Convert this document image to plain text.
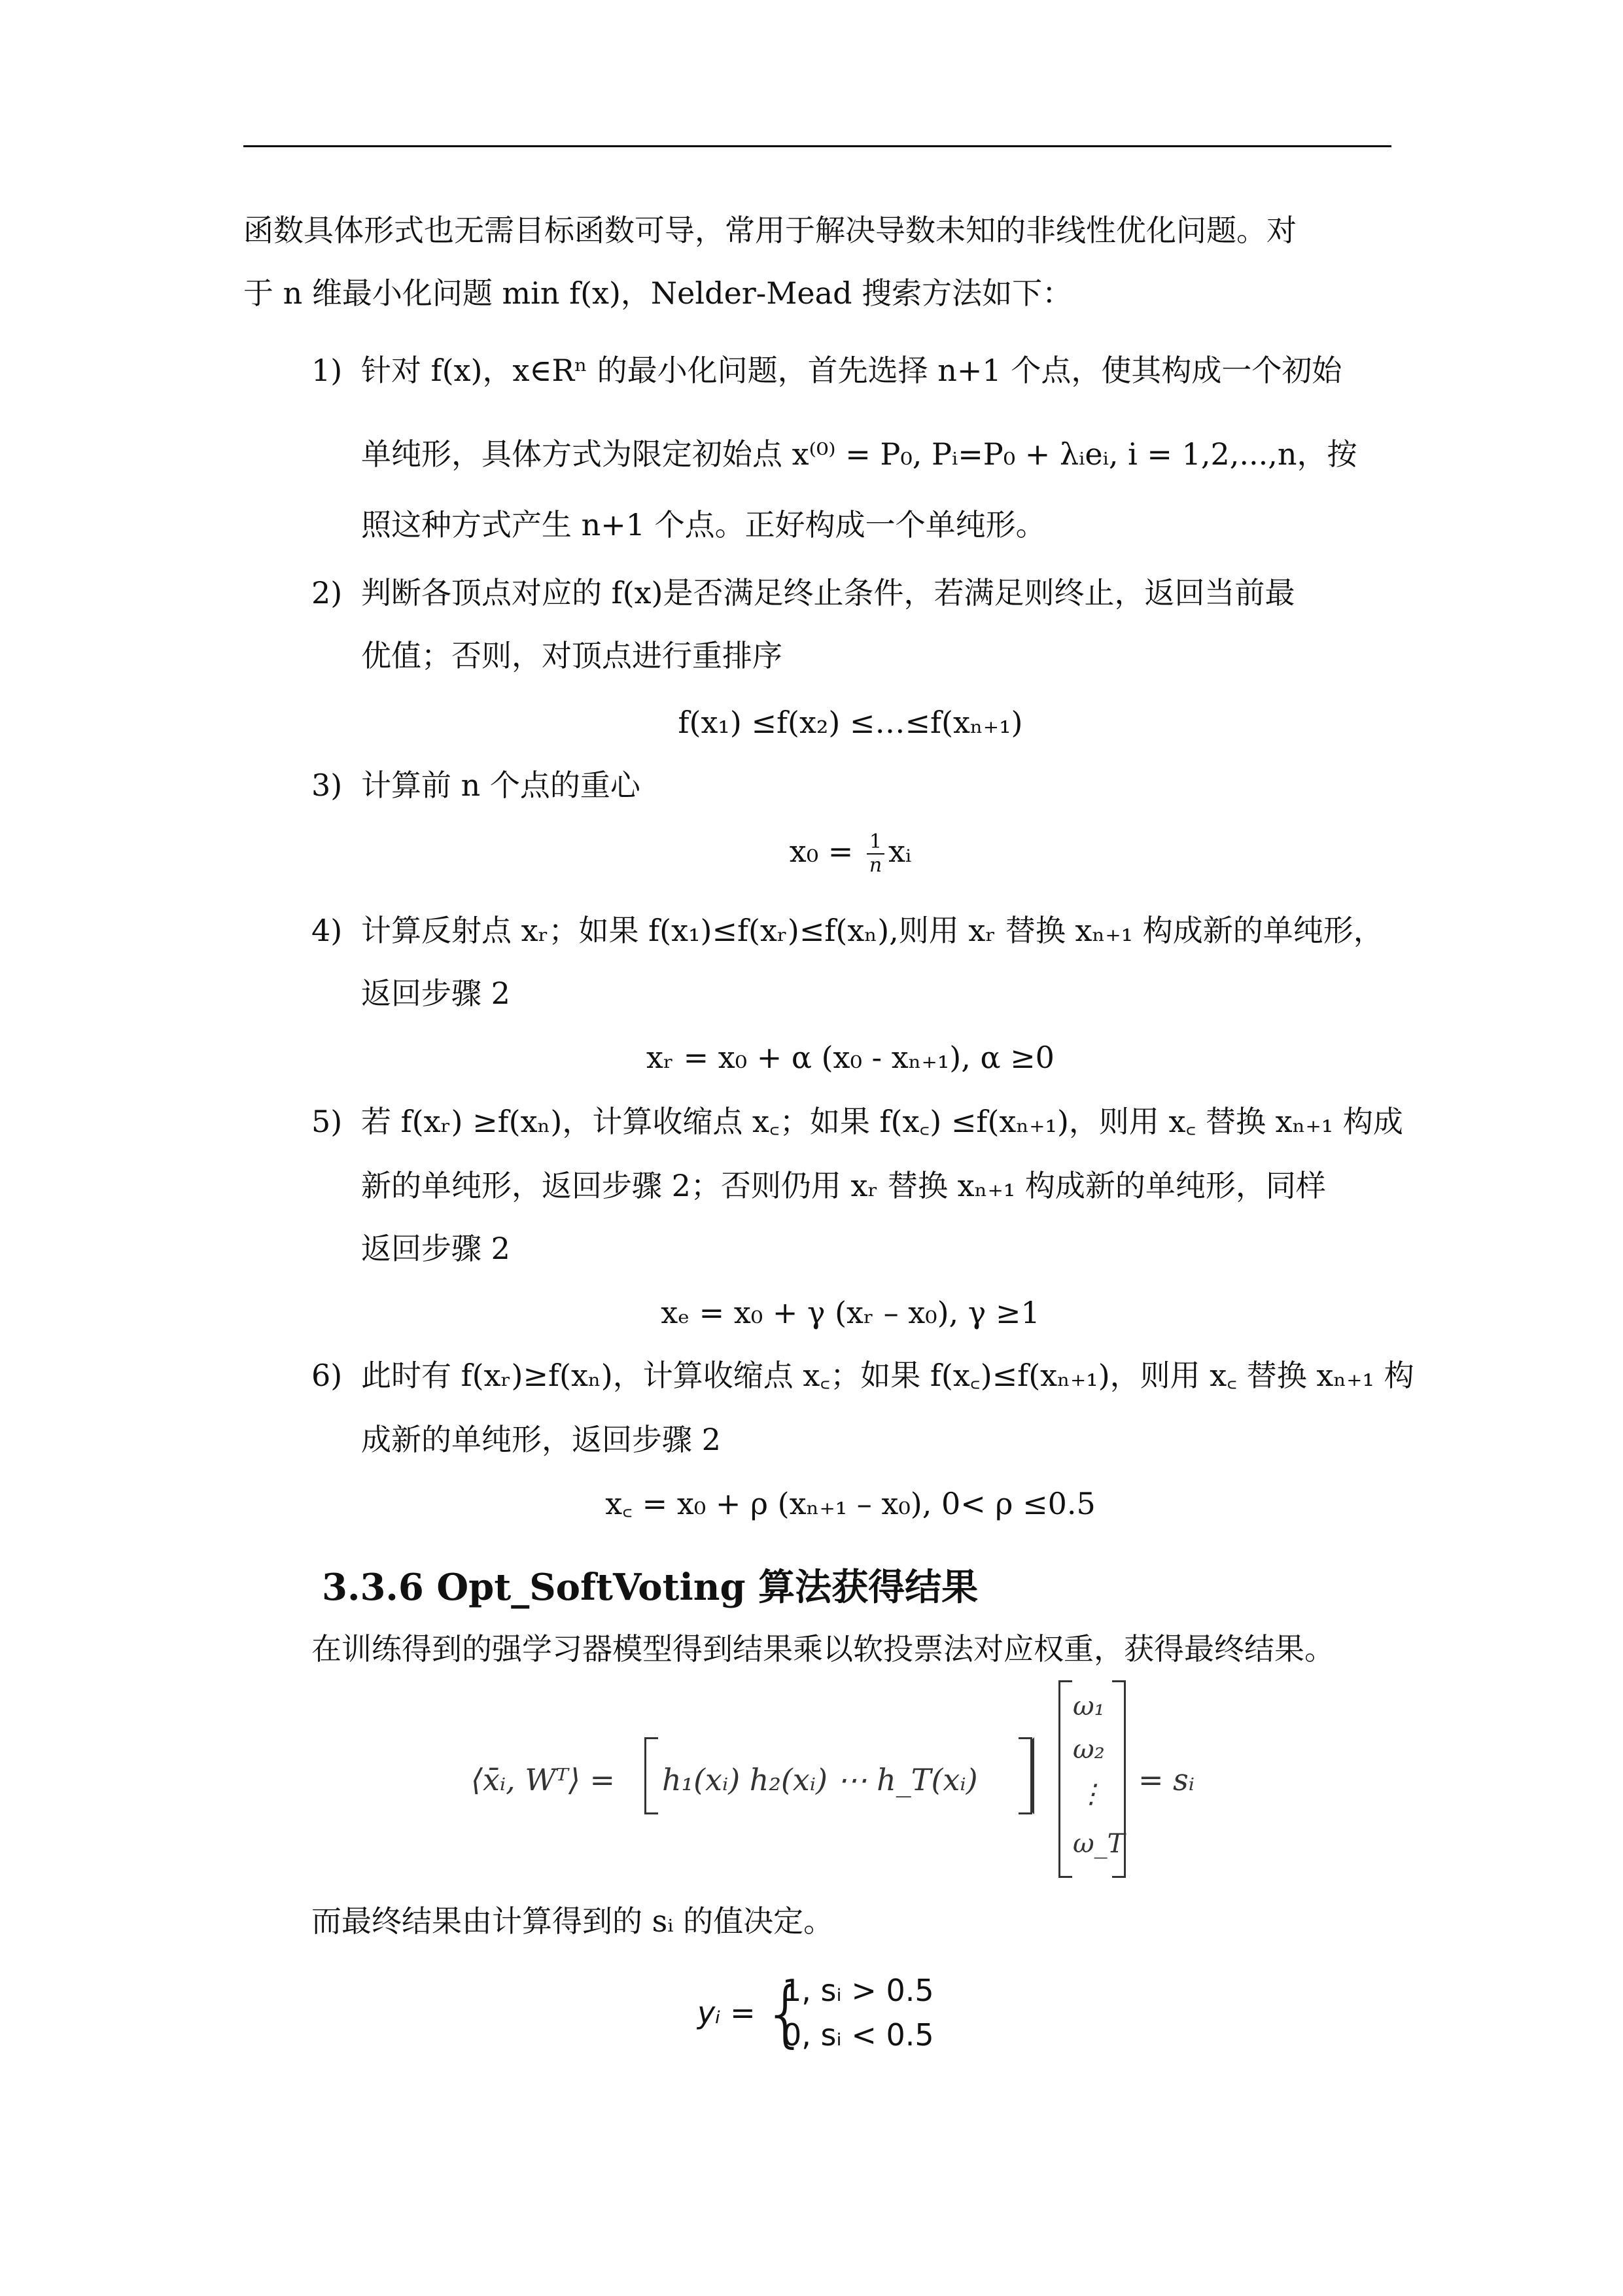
函数具体形式也无需目标函数可导，常用于解决导数未知的非线性优化问题。对
于 n 维最小化问题 min f(x)，Nelder-Mead 搜索方法如下：
1) 针对 f(x)，x∈Rⁿ 的最小化问题，首先选择 n+1 个点，使其构成一个初始
单纯形，具体方式为限定初始点 x⁽⁰⁾ = P₀, Pᵢ=P₀ + λᵢeᵢ, i = 1,2,...,n，按
照这种方式产生 n+1 个点。正好构成一个单纯形。
2) 判断各顶点对应的 f(x)是否满足终止条件，若满足则终止，返回当前最
优值；否则，对顶点进行重排序
f(x₁) ≤f(x₂) ≤…≤f(xₙ₊₁)
3) 计算前 n 个点的重心
$x_0 = \frac{1}{n}$ xᵢ
4) 计算反射点 xᵣ；如果 f(x₁)≤f(xᵣ)≤f(xₙ),则用 xᵣ 替换 xₙ₊₁ 构成新的单纯形，
返回步骤 2
xᵣ = x₀ + α (x₀ - xₙ₊₁), α ≥0
5) 若 f(xᵣ) ≥f(xₙ)，计算收缩点 x꜀；如果 f(x꜀) ≤f(xₙ₊₁)，则用 x꜀ 替换 xₙ₊₁ 构成
新的单纯形，返回步骤 2；否则仍用 xᵣ 替换 xₙ₊₁ 构成新的单纯形，同样
返回步骤 2
xₑ = x₀ + γ (xᵣ – x₀), γ ≥1
6) 此时有 f(xᵣ)≥f(xₙ)，计算收缩点 x꜀；如果 f(x꜀)≤f(xₙ₊₁)，则用 x꜀ 替换 xₙ₊₁ 构
成新的单纯形，返回步骤 2
x꜀ = x₀ + ρ (xₙ₊₁ – x₀), 0< ρ ≤0.5
3.3.6 Opt_SoftVoting 算法获得结果
在训练得到的强学习器模型得到结果乘以软投票法对应权重，获得最终结果。
⟨x̄ᵢ, Wᵀ⟩ = h₁(xᵢ) h₂(xᵢ) ⋯ h_T(xᵢ)
ω₁
ω₂
⋮
ω_T
= sᵢ
而最终结果由计算得到的 sᵢ 的值决定。
yᵢ = {
1, sᵢ > 0.5
0, sᵢ < 0.5
